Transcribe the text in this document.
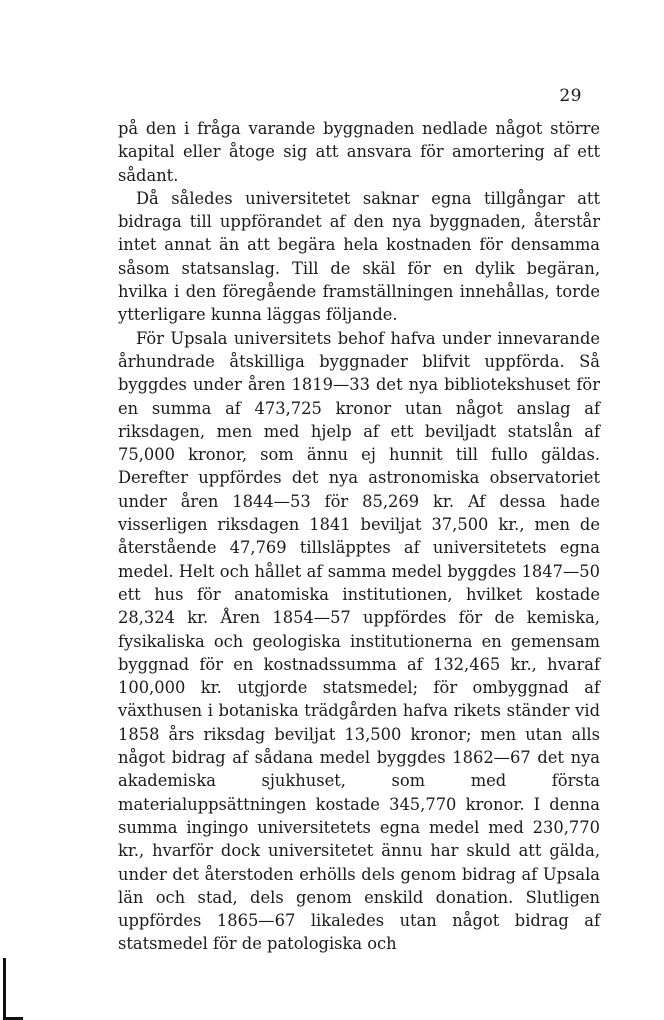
29

på den i fråga varande byggnaden nedlade något större kapital eller åtoge sig att ansvara för amortering af ett sådant.

Då således universitetet saknar egna tillgångar att bidraga till uppförandet af den nya byggnaden, återstår intet annat än att begära hela kostnaden för densamma såsom statsanslag. Till de skäl för en dylik begäran, hvilka i den föregående framställningen innehållas, torde ytterligare kunna läggas följande.

För Upsala universitets behof hafva under innevarande århundrade åtskilliga byggnader blifvit uppförda. Så byggdes under åren 1819—33 det nya bibliotekshuset för en summa af 473,725 kronor utan något anslag af riksdagen, men med hjelp af ett beviljadt statslån af 75,000 kronor, som ännu ej hunnit till fullo gäldas. Derefter uppfördes det nya astronomiska observatoriet under åren 1844—53 för 85,269 kr. Af dessa hade visserligen riksdagen 1841 beviljat 37,500 kr., men de återstående 47,769 tillsläpptes af universitetets egna medel. Helt och hållet af samma medel byggdes 1847—50 ett hus för anatomiska institutionen, hvilket kostade 28,324 kr. Åren 1854—57 uppfördes för de kemiska, fysikaliska och geologiska institutionerna en gemensam byggnad för en kostnadssumma af 132,465 kr., hvaraf 100,000 kr. utgjorde statsmedel; för ombyggnad af växthusen i botaniska trädgården hafva rikets ständer vid 1858 års riksdag beviljat 13,500 kronor; men utan alls något bidrag af sådana medel byggdes 1862—67 det nya akademiska sjukhuset, som med första materialuppsättningen kostade 345,770 kronor. I denna summa ingingo universitetets egna medel med 230,770 kr., hvarför dock universitetet ännu har skuld att gälda, under det återstoden erhölls dels genom bidrag af Upsala län och stad, dels genom enskild donation. Slutligen uppfördes 1865—67 likaledes utan något bidrag af statsmedel för de patologiska och
